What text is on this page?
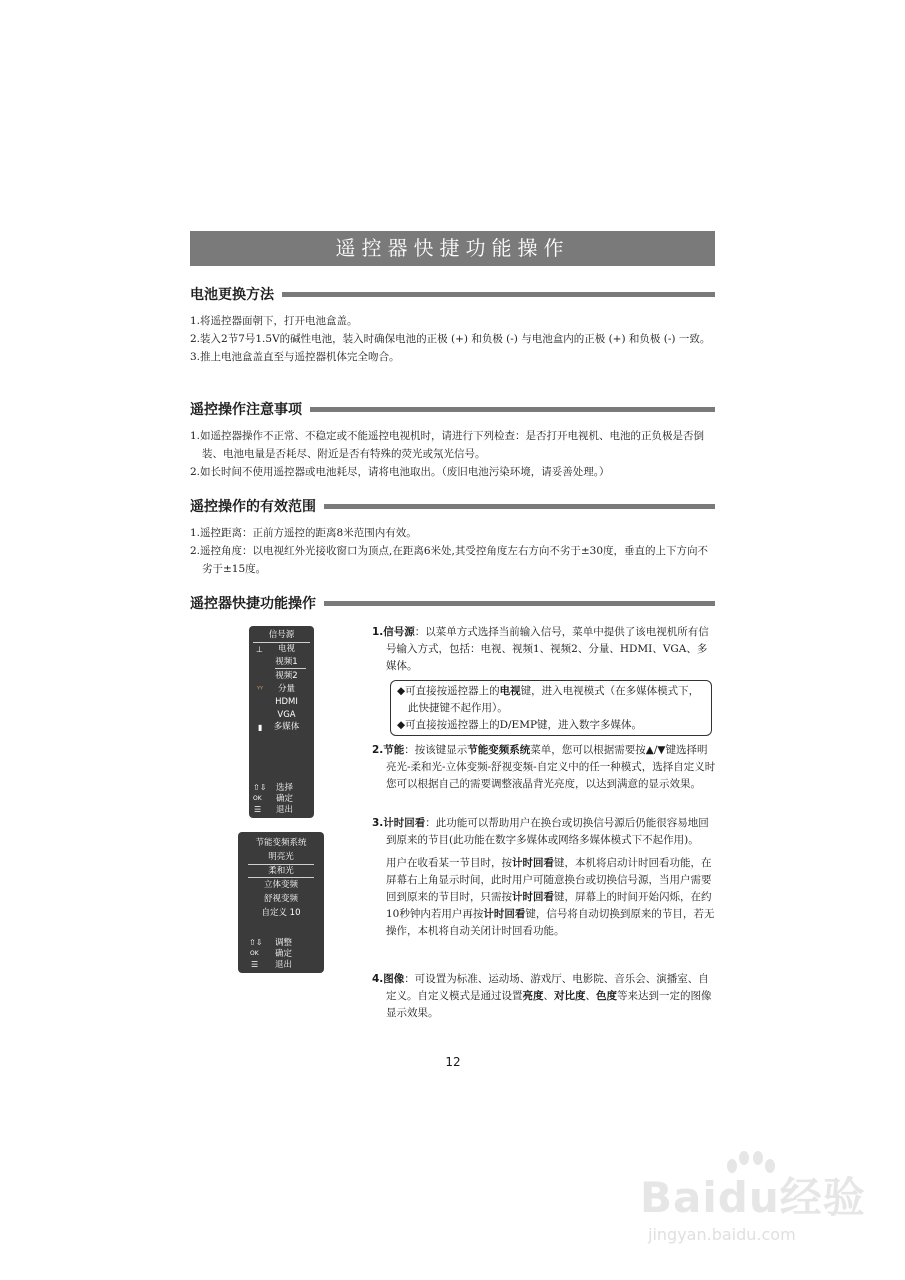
遥控器快捷功能操作
电池更换方法

1.将遥控器面朝下，打开电池盒盖。

2.装入2节7号1.5V的碱性电池，装入时确保电池的正极 (+) 和负极 (-) 与电池盒内的正极 (+) 和负极 (-) 一致。

3.推上电池盒盖直至与遥控器机体完全吻合。

遥控操作注意事项

1.如遥控器操作不正常、不稳定或不能遥控电视机时，请进行下列检查：是否打开电视机、电池的正负极是否倒装、电池电量是否耗尽、附近是否有特殊的荧光或氖光信号。

2.如长时间不使用遥控器或电池耗尽，请将电池取出。（废旧电池污染环境，请妥善处理。）

遥控操作的有效范围

1.遥控距离：正前方遥控的距离8米范围内有效。

2.遥控角度：以电视红外光接收窗口为顶点,在距离6米处,其受控角度左右方向不劣于±30度，垂直的上下方向不劣于±15度。

遥控器快捷功能操作
信号源
⊥	电视
视频1
视频2
ᵞᵞ	分量
HDMI
VGA
▮	多媒体
⇧⇩ 选择
OK 确定
☰ 退出
节能变频系统
明亮光
柔和光
立体变频
舒视变频
自定义 10
⇧⇩ 调整
OK 确定
☰ 退出

1.信号源：以菜单方式选择当前输入信号，菜单中提供了该电视机所有信号输入方式，包括：电视、视频1、视频2、分量、HDMI、VGA、多媒体。

◆可直接按遥控器上的电视键，进入电视模式（在多媒体模式下，此快捷键不起作用）。

◆可直接按遥控器上的D/EMP键，进入数字多媒体。

2.节能：按该键显示节能变频系统菜单，您可以根据需要按▲/▼键选择明亮光-柔和光-立体变频-舒视变频-自定义中的任一种模式，选择自定义时您可以根据自己的需要调整液晶背光亮度，以达到满意的显示效果。

3.计时回看：此功能可以帮助用户在换台或切换信号源后仍能很容易地回到原来的节目(此功能在数字多媒体或网络多媒体模式下不起作用)。

用户在收看某一节目时，按计时回看键，本机将启动计时回看功能，在屏幕右上角显示时间，此时用户可随意换台或切换信号源，当用户需要回到原来的节目时，只需按计时回看键，屏幕上的时间开始闪烁，在约10秒钟内若用户再按计时回看键，信号将自动切换到原来的节目，若无操作，本机将自动关闭计时回看功能。

4.图像：可设置为标准、运动场、游戏厅、电影院、音乐会、演播室、自定义。自定义模式是通过设置亮度、对比度、色度等来达到一定的图像显示效果。

12
Baidu经验
jingyan.baidu.com
